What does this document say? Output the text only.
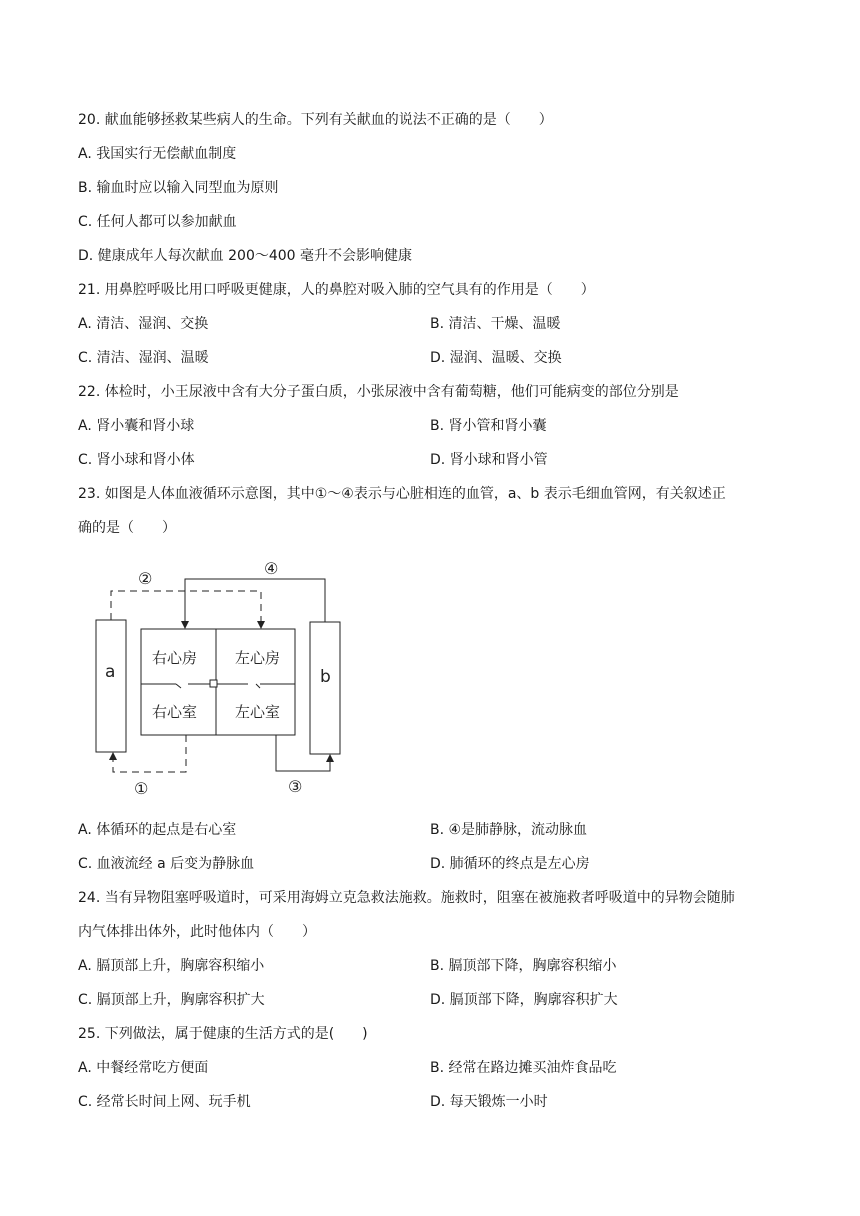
20. 献血能够拯救某些病人的生命。下列有关献血的说法不正确的是（　　）
A. 我国实行无偿献血制度
B. 输血时应以输入同型血为原则
C. 任何人都可以参加献血
D. 健康成年人每次献血 200～400 毫升不会影响健康
21. 用鼻腔呼吸比用口呼吸更健康，人的鼻腔对吸入肺的空气具有的作用是（　　）
A. 清洁、湿润、交换	B. 清洁、干燥、温暖
C. 清洁、湿润、温暖	D. 湿润、温暖、交换
22. 体检时，小王尿液中含有大分子蛋白质，小张尿液中含有葡萄糖，他们可能病变的部位分别是
A. 肾小囊和肾小球	B. 肾小管和肾小囊
C. 肾小球和肾小体	D. 肾小球和肾小管
23. 如图是人体血液循环示意图，其中①～④表示与心脏相连的血管，a、b 表示毛细血管网，有关叙述正
确的是（　　）
a	b
右心房	左心房
右心室	左心室
②
④
①	③
A. 体循环的起点是右心室	B. ④是肺静脉，流动脉血
C. 血液流经 a 后变为静脉血	D. 肺循环的终点是左心房
24. 当有异物阻塞呼吸道时，可采用海姆立克急救法施救。施救时，阻塞在被施救者呼吸道中的异物会随肺
内气体排出体外，此时他体内（　　）
A. 膈顶部上升，胸廓容积缩小	B. 膈顶部下降，胸廓容积缩小
C. 膈顶部上升，胸廓容积扩大	D. 膈顶部下降，胸廓容积扩大
25. 下列做法，属于健康的生活方式的是(　　)
A. 中餐经常吃方便面	B. 经常在路边摊买油炸食品吃
C. 经常长时间上网、玩手机	D. 每天锻炼一小时
